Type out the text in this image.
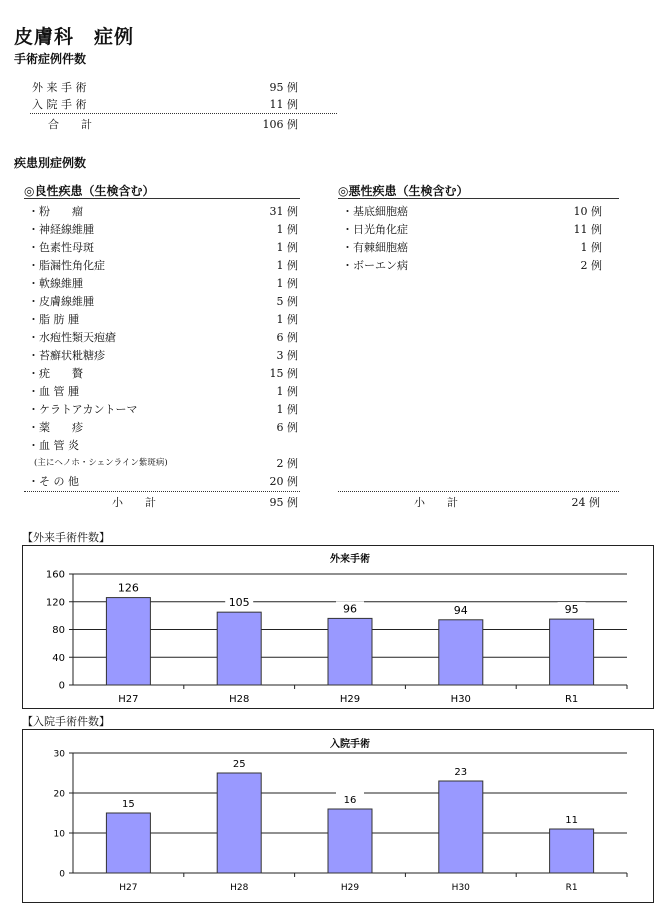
皮膚科　症例
手術症例件数
外 来 手 術	95 例
入 院 手 術	11 例
合　　計	106 例
疾患別症例数
◎良性疾患（生検含む）
・粉　　瘤	31 例
・神経線維腫	1 例
・色素性母斑	1 例
・脂漏性角化症	1 例
・軟線維腫	1 例
・皮膚線維腫	5 例
・脂 肪 腫	1 例
・水疱性類天疱瘡	6 例
・苔癬状粃糖疹	3 例
・疣　　贅	15 例
・血 管 腫	1 例
・ケラトアカントーマ	1 例
・薬　　疹	6 例
・血 管 炎
(主にヘノホ・シェンライン紫斑病)	2 例
・そ の 他	20 例
小　　計	95 例
◎悪性疾患（生検含む）
・基底細胞癌	10 例
・日光角化症	11 例
・有棘細胞癌	1 例
・ボーエン病	2 例
小　　計	24 例
【外来手術件数】
外来手術
0
40
80
120
160
126
H27
105
H28
96
H29
94
H30
95
R1
【入院手術件数】
入院手術
0
10
20
30
15
H27
25
H28
16
H29
23
H30
11
R1
